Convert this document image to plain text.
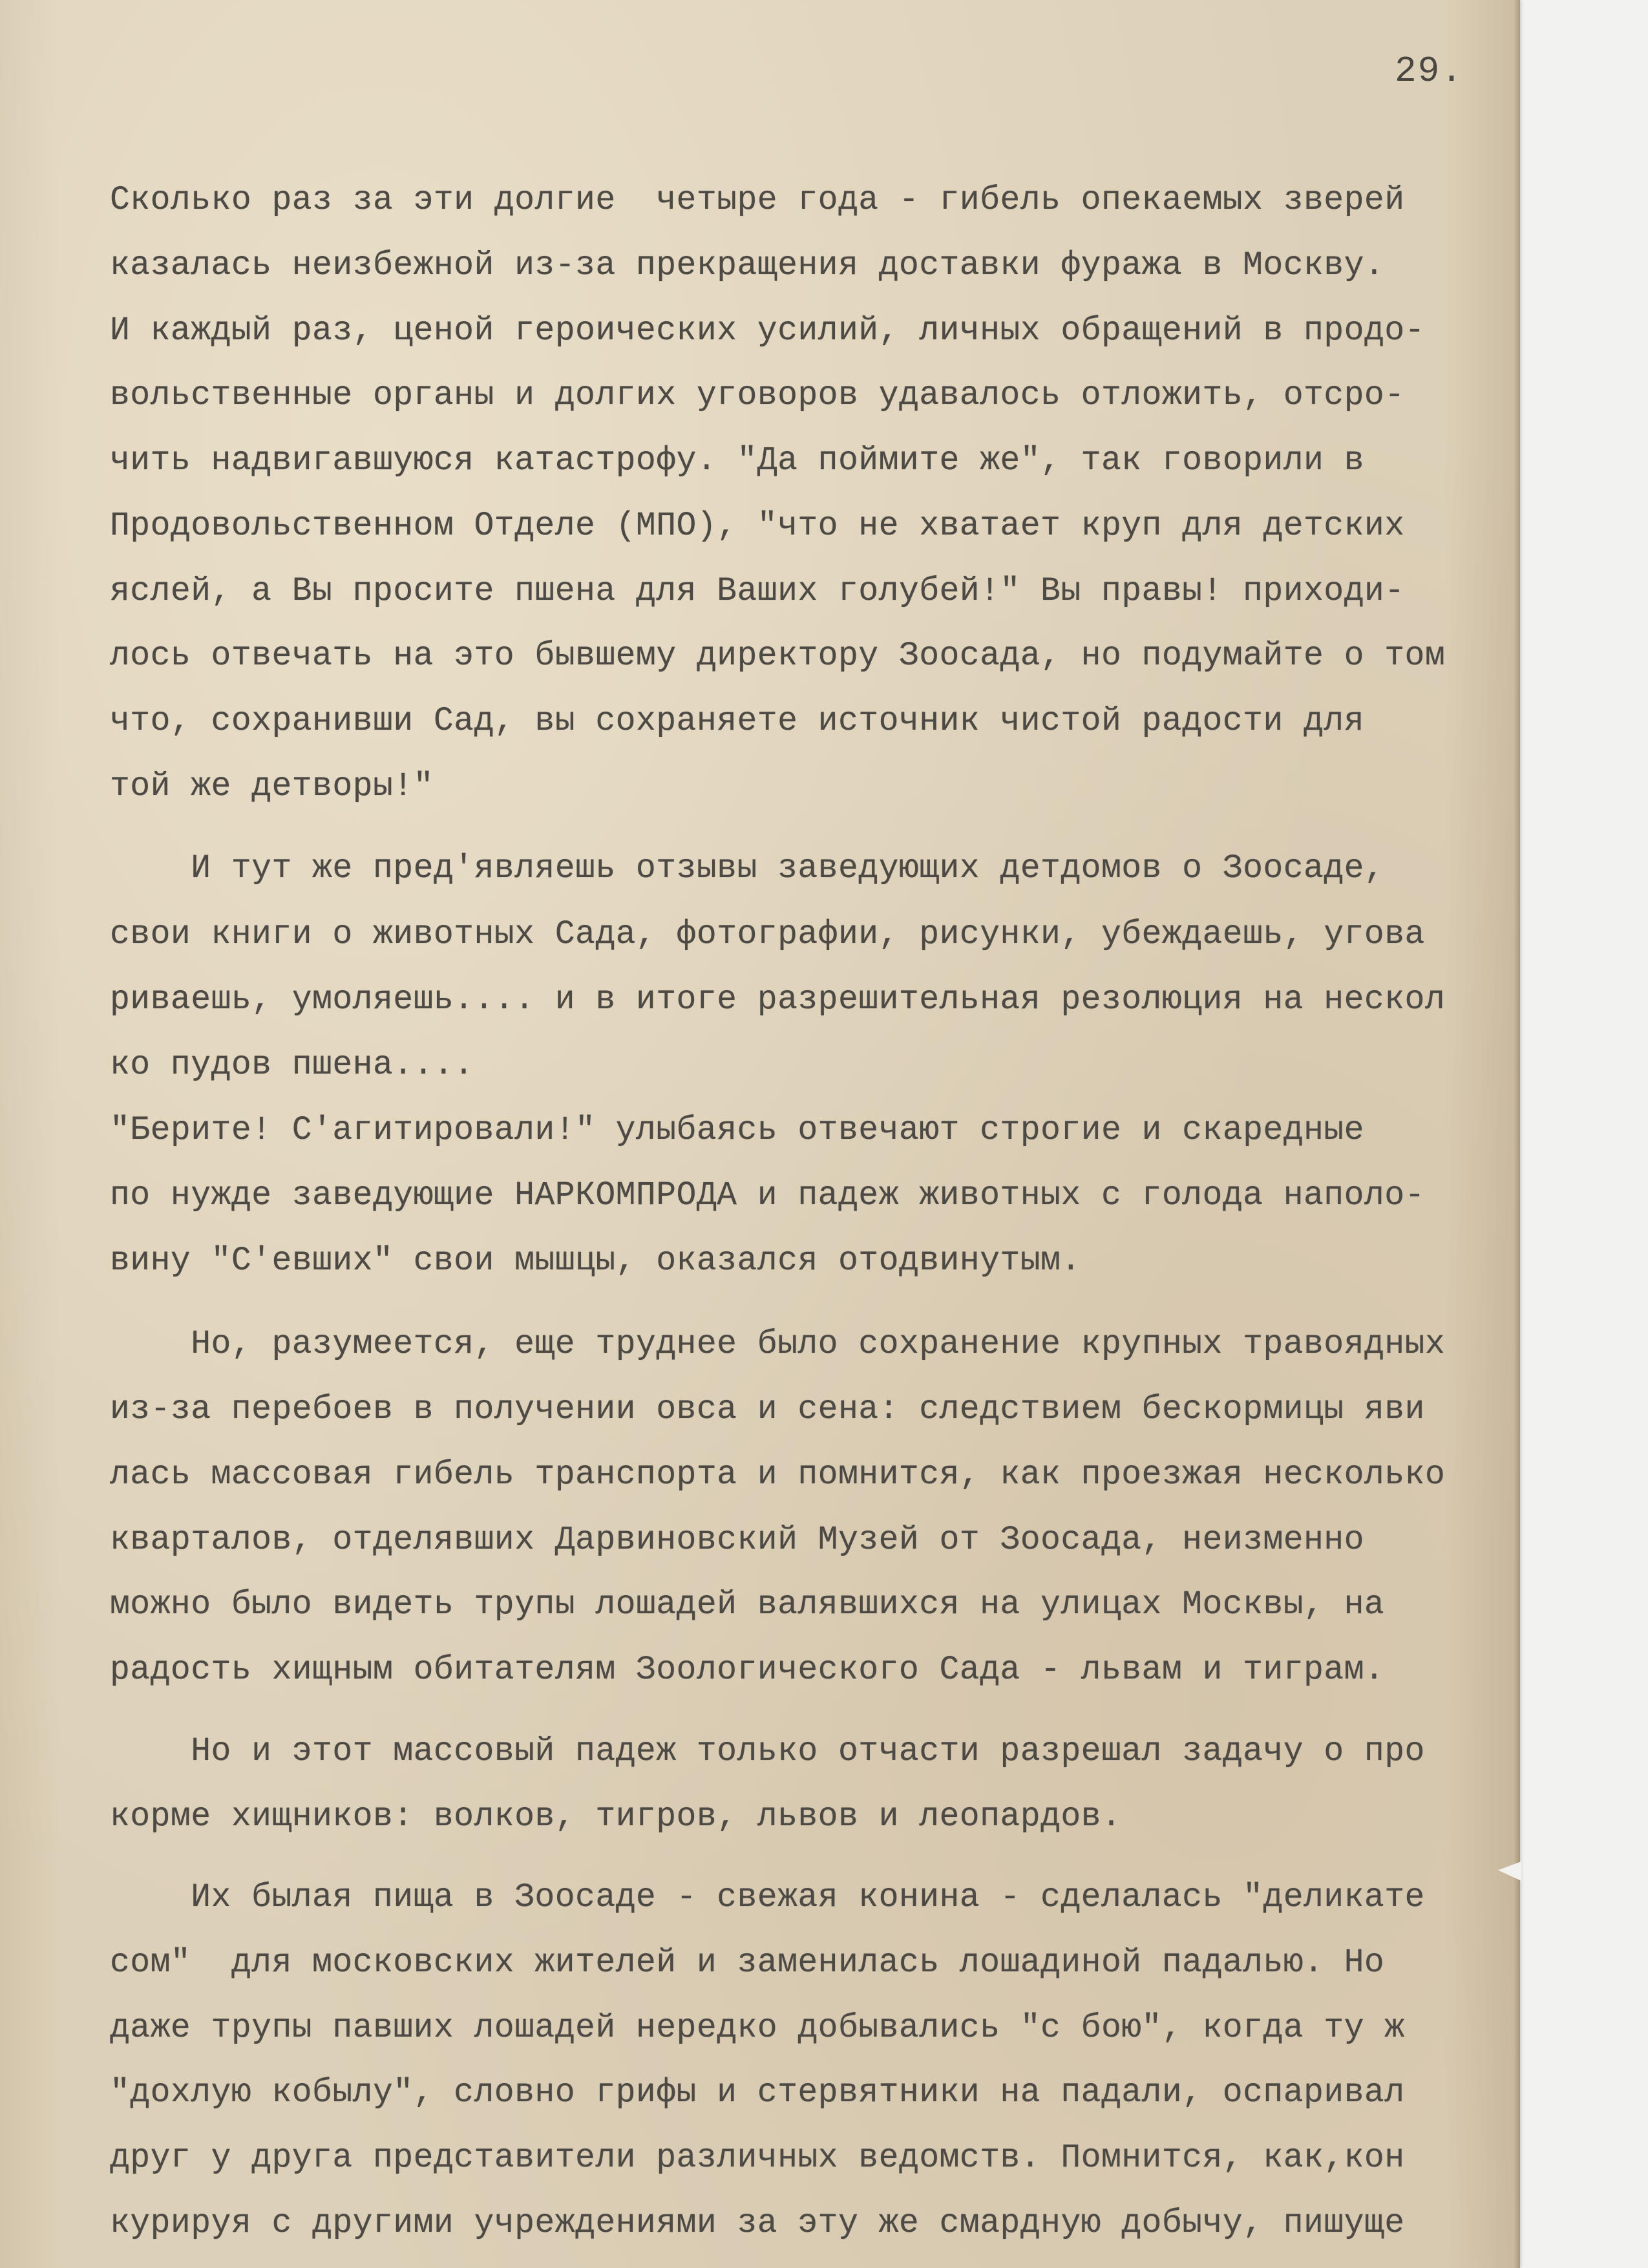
29.
Сколько раз за эти долгие  четыре года - гибель опекаемых зверей
казалась неизбежной из-за прекращения доставки фуража в Москву.
И каждый раз, ценой героических усилий, личных обращений в продо-
вольственные органы и долгих уговоров удавалось отложить, отсро-
чить надвигавшуюся катастрофу. "Да поймите же", так говорили в
Продовольственном Отделе (МПО), "что не хватает круп для детских
яслей, а Вы просите пшена для Ваших голубей!" Вы правы! приходи-
лось отвечать на это бывшему директору Зоосада, но подумайте о том
что, сохранивши Сад, вы сохраняете источник чистой радости для
той же детворы!"
И тут же пред'являешь отзывы заведующих детдомов о Зоосаде,
свои книги о животных Сада, фотографии, рисунки, убеждаешь, угова
риваешь, умоляешь.... и в итоге разрешительная резолюция на нескол
ко пудов пшена....
"Берите! С'агитировали!" улыбаясь отвечают строгие и скаредные
по нужде заведующие НАРКОМПРОДА и падеж животных с голода наполо-
вину "С'евших" свои мышцы, оказался отодвинутым.
Но, разумеется, еще труднее было сохранение крупных травоядных
из-за перебоев в получении овса и сена: следствием бескормицы яви
лась массовая гибель транспорта и помнится, как проезжая несколько
кварталов, отделявших Дарвиновский Музей от Зоосада, неизменно
можно было видеть трупы лошадей валявшихся на улицах Москвы, на
радость хищным обитателям Зоологического Сада - львам и тиграм.
Но и этот массовый падеж только отчасти разрешал задачу о про
корме хищников: волков, тигров, львов и леопардов.
Их былая пища в Зоосаде - свежая конина - сделалась "деликате
сом"  для московских жителей и заменилась лошадиной падалью. Но
даже трупы павших лошадей нередко добывались "с бою", когда ту ж
"дохлую кобылу", словно грифы и стервятники на падали, оспаривал
друг у друга представители различных ведомств. Помнится, как,кон
курируя с другими учреждениями за эту же смардную добычу, пишуще
